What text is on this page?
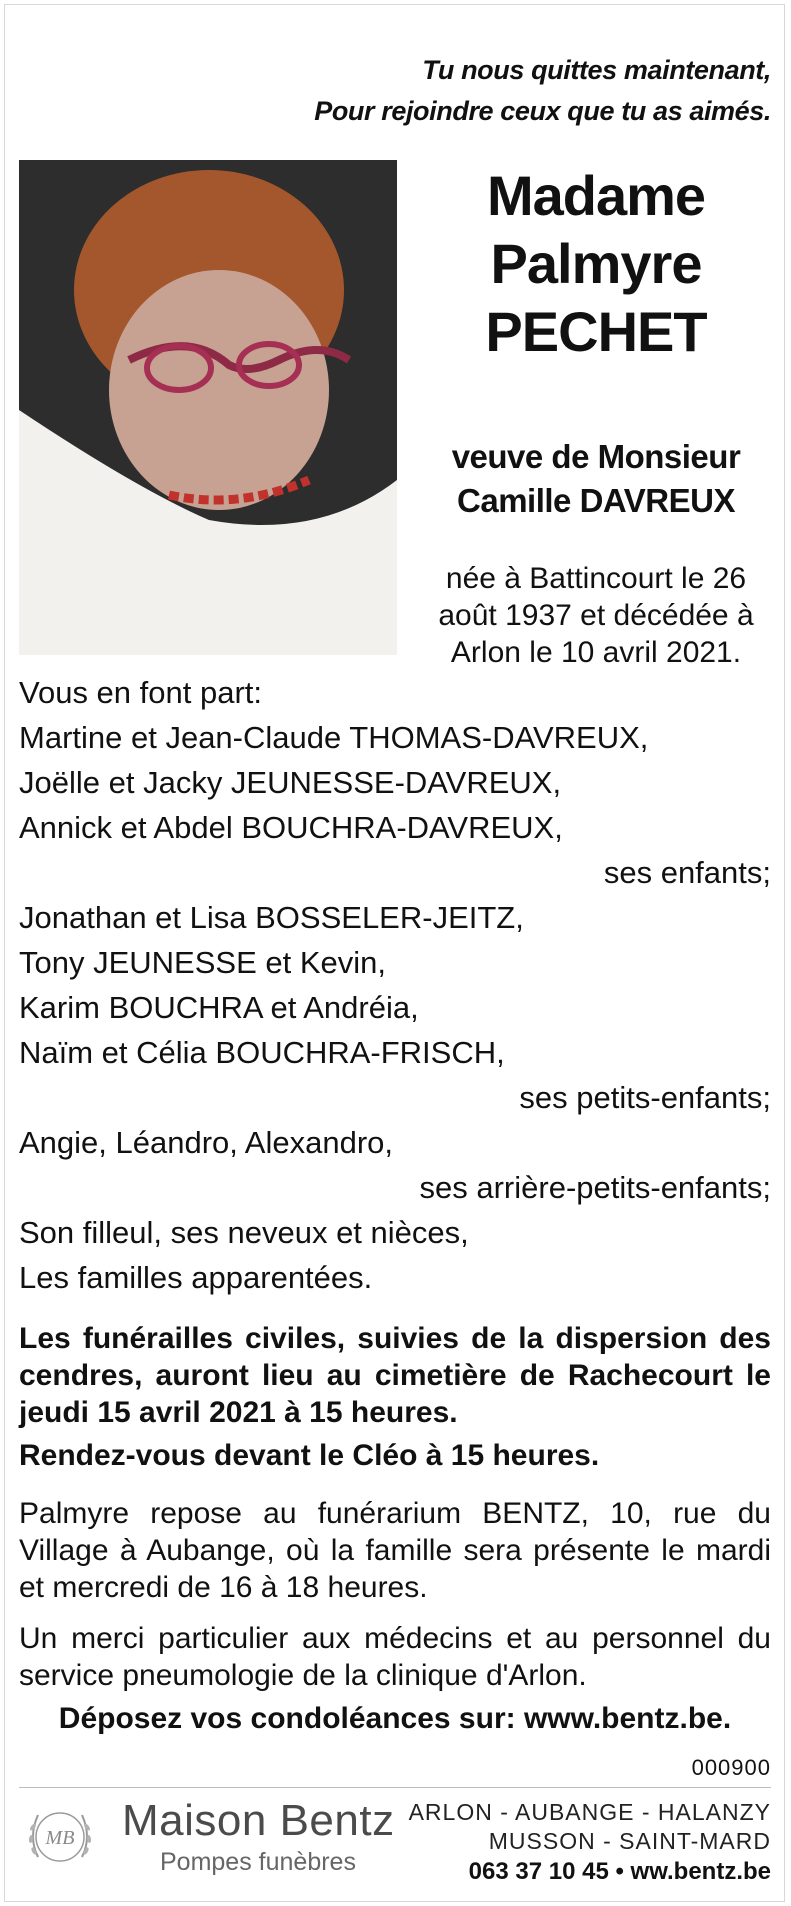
Tu nous quittes maintenant,
Pour rejoindre ceux que tu as aimés.
Madame
Palmyre
PECHET
veuve de Monsieur
Camille DAVREUX
née à Battincourt le 26
août 1937 et décédée à
Arlon le 10 avril 2021.
Vous en font part:
Martine et Jean-Claude THOMAS-DAVREUX,
Joëlle et Jacky JEUNESSE-DAVREUX,
Annick et Abdel BOUCHRA-DAVREUX,
ses enfants;
Jonathan et Lisa BOSSELER-JEITZ,
Tony JEUNESSE et Kevin,
Karim BOUCHRA et Andréia,
Naïm et Célia BOUCHRA-FRISCH,
ses petits-enfants;
Angie, Léandro, Alexandro,
ses arrière-petits-enfants;
Son filleul, ses neveux et nièces,
Les familles apparentées.
Les funérailles civiles, suivies de la dispersion des cendres, auront lieu au cimetière de Rachecourt le jeudi 15 avril 2021 à 15 heures.
Rendez-vous devant le Cléo à 15 heures.
Palmyre repose au funérarium BENTZ, 10, rue du Village à Aubange, où la famille sera présente le mardi et mercredi de 16 à 18 heures.
Un merci particulier aux médecins et au personnel du service pneumologie de la clinique d'Arlon.
Déposez vos condoléances sur: www.bentz.be.
000900
MB Maison Bentz
Pompes funèbres
ARLON - AUBANGE - HALANZY
MUSSON - SAINT-MARD
063 37 10 45 • ww.bentz.be
